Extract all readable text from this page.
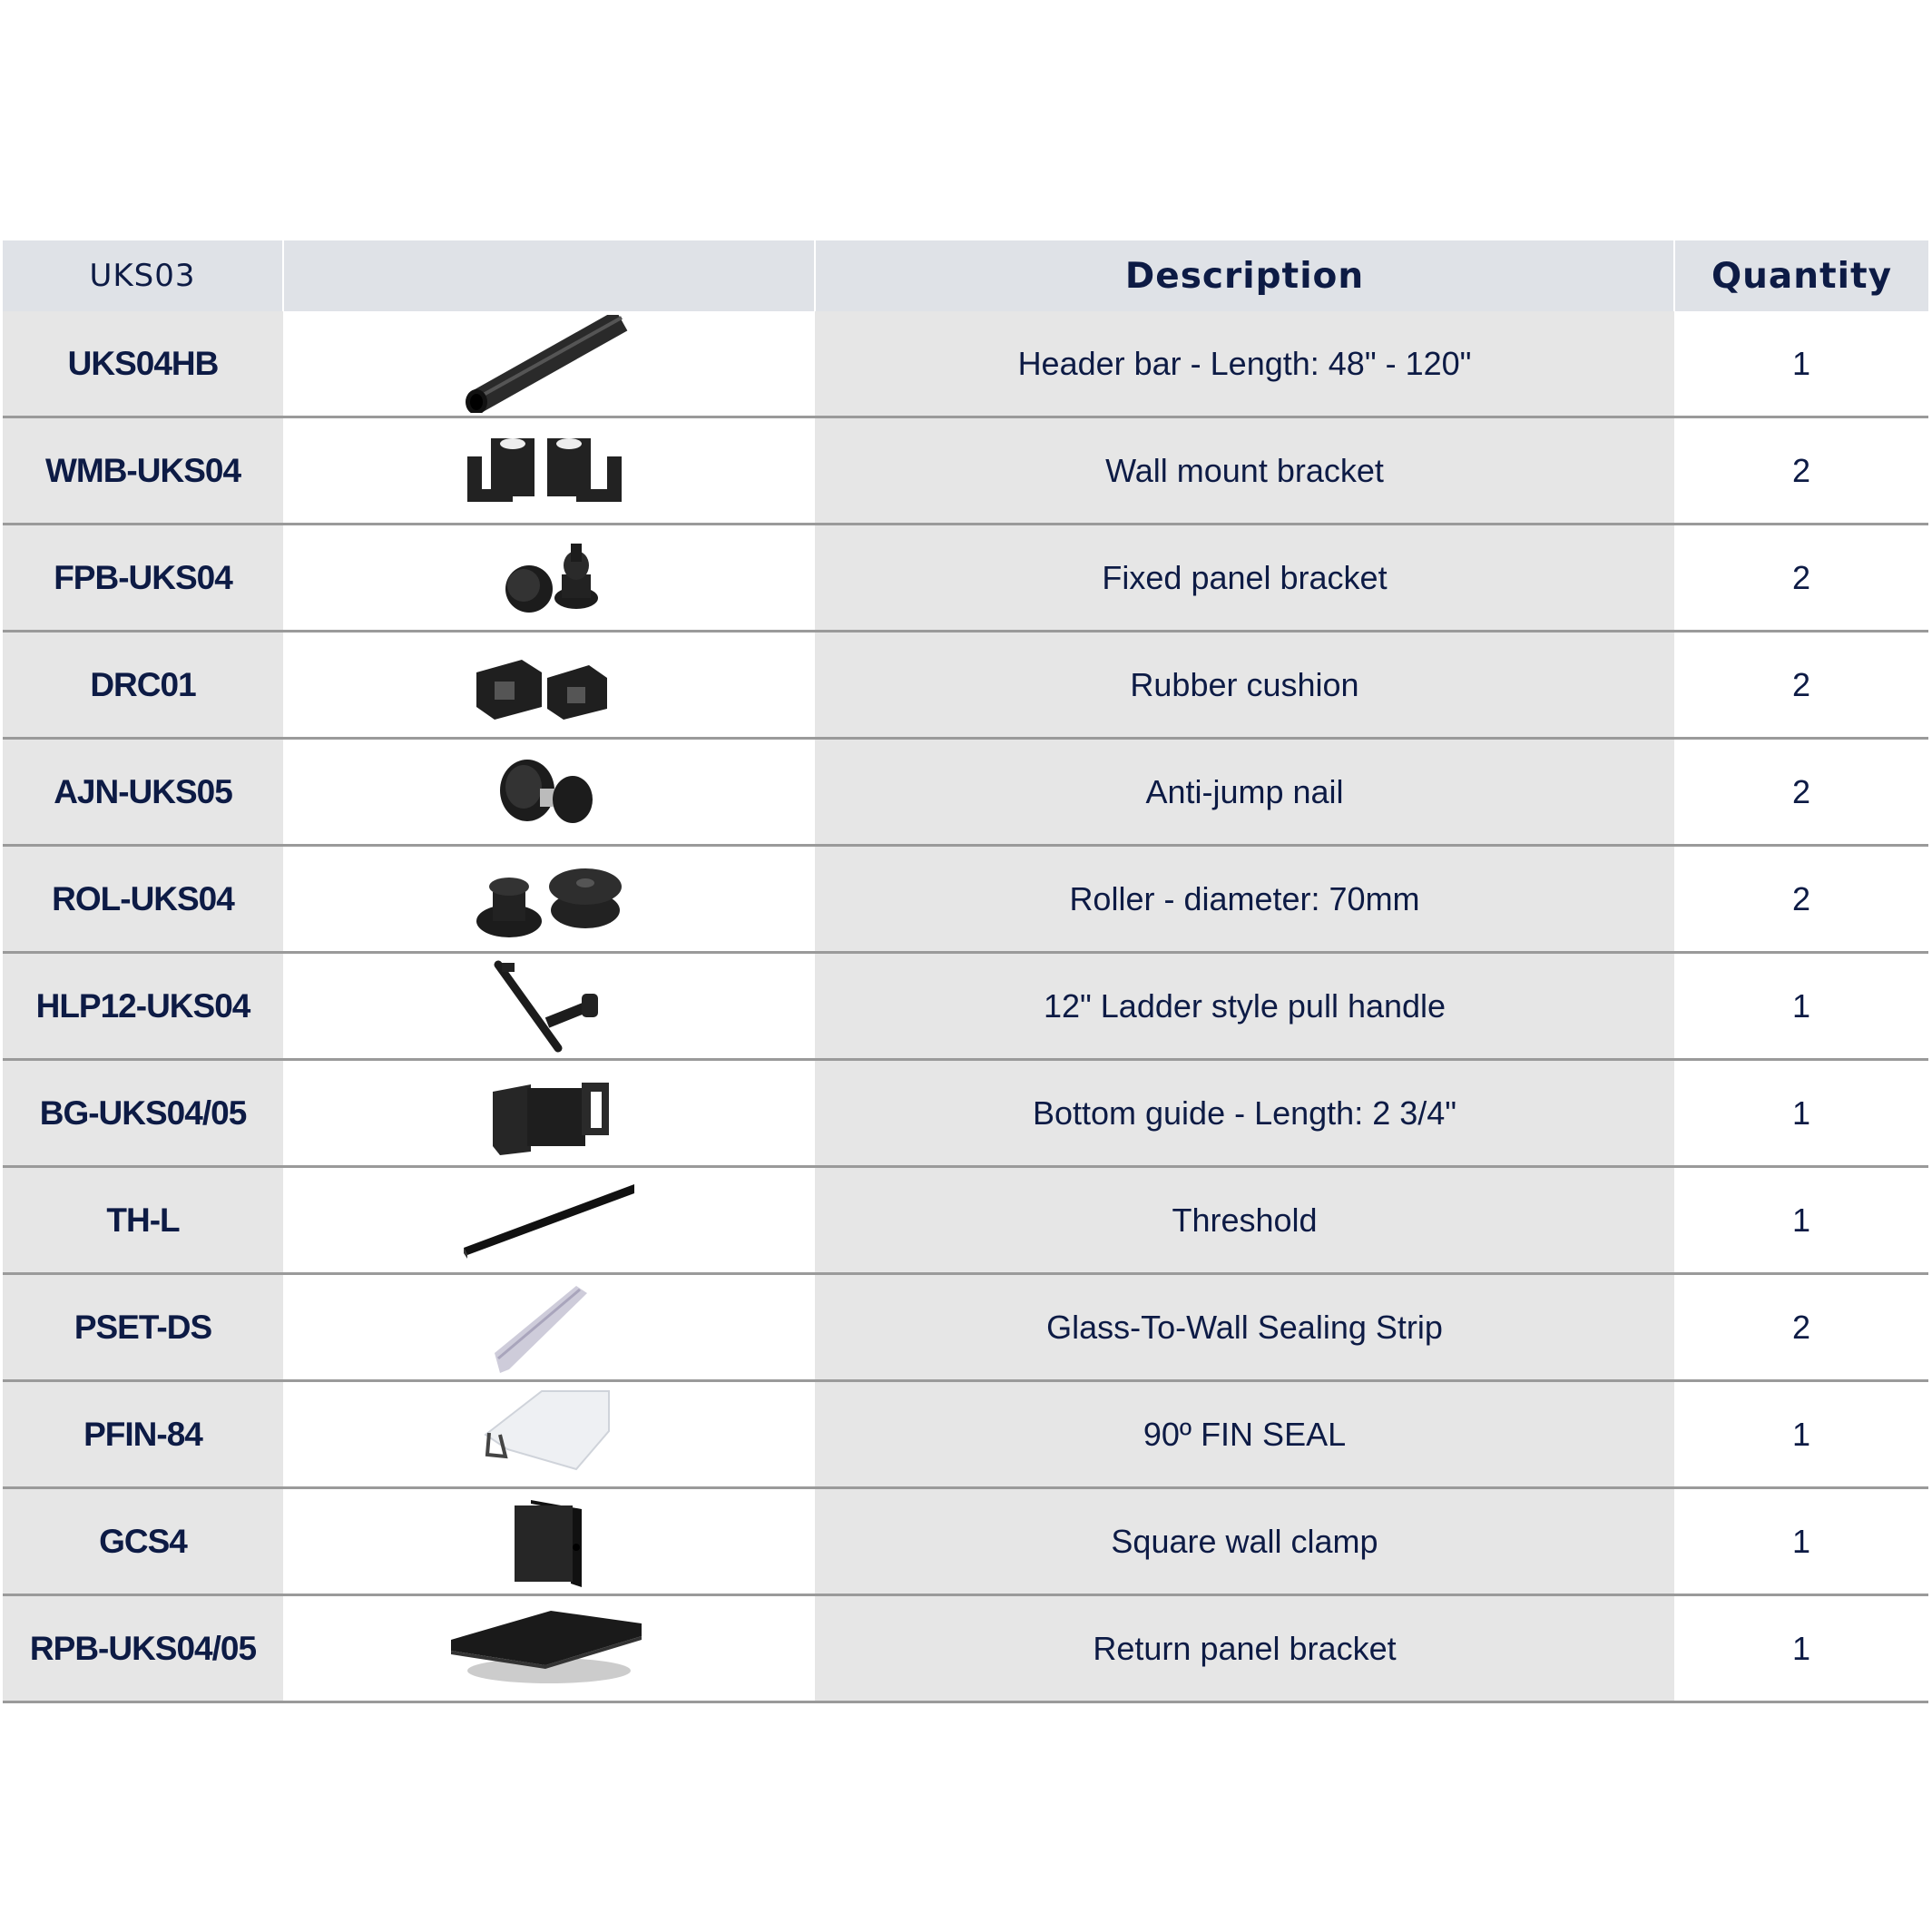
UKS03		Description	Quantity
UKS04HB		Header bar - Length: 48" - 120"	1
WMB-UKS04		Wall mount bracket	2
FPB-UKS04		Fixed panel bracket	2
DRC01		Rubber cushion	2
AJN-UKS05		Anti-jump nail	2
ROL-UKS04		Roller - diameter: 70mm	2
HLP12-UKS04		12" Ladder style pull handle	1
BG-UKS04/05		Bottom guide - Length: 2 3/4"	1
TH-L		Threshold	1
PSET-DS		Glass-To-Wall Sealing Strip	2
PFIN-84		90º FIN SEAL	1
GCS4		Square wall clamp	1
RPB-UKS04/05		Return panel bracket	1
